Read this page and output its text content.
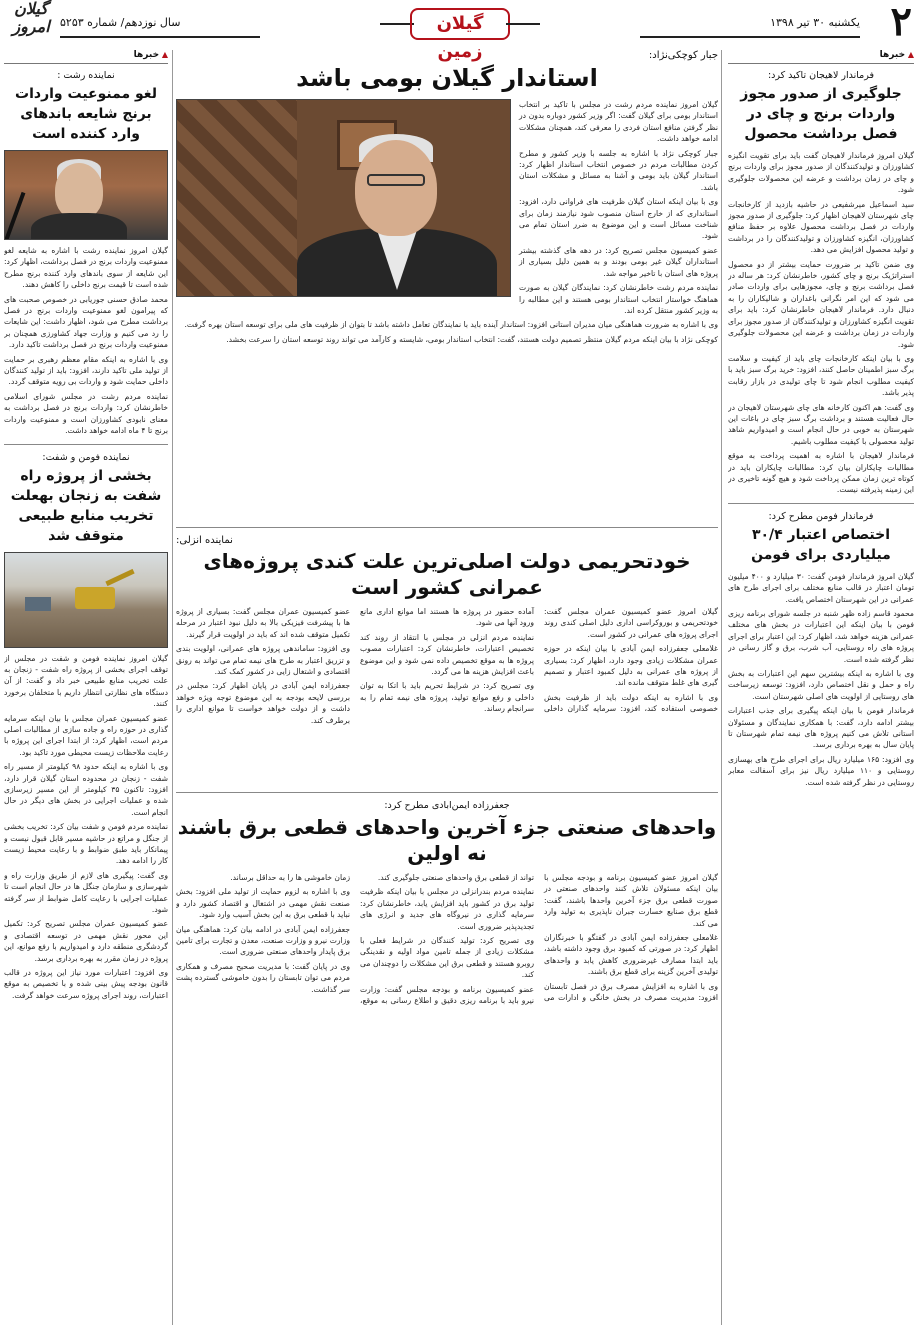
۲
یکشنبه ۳۰ تیر ۱۳۹۸
گیلان زمین
سال نوزدهم/ شماره ۵۲۵۳
گیلان امروز
▲ خبرها
فرماندار لاهیجان تاکید کرد:
جلوگیری از صدور مجوز واردات برنج و چای در فصل برداشت محصول

گیلان امروز فرماندار لاهیجان گفت باید برای تقویت انگیزه کشاورزان و تولیدکنندگان از صدور مجوز برای واردات برنج و چای در زمان برداشت و عرضه این محصولات جلوگیری شود.

سید اسماعیل میرشفیعی در حاشیه بازدید از کارخانجات چای شهرستان لاهیجان اظهار کرد: جلوگیری از صدور مجوز واردات در فصل برداشت محصول علاوه بر حفظ منافع کشاورزان، انگیزه کشاورزان و تولیدکنندگان را در برداشت و تولید محصول افزایش می دهد.

وی ضمن تاکید بر ضرورت حمایت بیشتر از دو محصول استراتژیک برنج و چای کشور، خاطرنشان کرد: هر ساله در فصل برداشت برنج و چای، مجوزهایی برای واردات صادر می شود که این امر نگرانی باغداران و شالیکاران را به دنبال دارد. فرماندار لاهیجان خاطرنشان کرد: باید برای تقویت انگیزه کشاورزان و تولیدکنندگان از صدور مجوز برای واردات در زمان برداشت و عرضه این محصولات جلوگیری شود.

وی با بیان اینکه کارخانجات چای باید از کیفیت و سلامت برگ سبز اطمینان حاصل کنند، افزود: خرید برگ سبز باید با کیفیت مطلوب انجام شود تا چای تولیدی در بازار رقابت پذیر باشد.

وی گفت: هم اکنون کارخانه های چای شهرستان لاهیجان در حال فعالیت هستند و برداشت برگ سبز چای در باغات این شهرستان به خوبی در حال انجام است و امیدواریم شاهد تولید محصولی با کیفیت مطلوب باشیم.

فرماندار لاهیجان با اشاره به اهمیت پرداخت به موقع مطالبات چایکاران بیان کرد: مطالبات چایکاران باید در کوتاه ترین زمان ممکن پرداخت شود و هیچ گونه تاخیری در این زمینه پذیرفته نیست.

فرماندار فومن مطرح کرد:
اختصاص اعتبار ۳۰/۴ میلیاردی برای فومن

گیلان امروز فرماندار فومن گفت: ۳۰ میلیارد و ۴۰۰ میلیون تومان اعتبار در قالب منابع مختلف برای اجرای طرح های عمرانی در این شهرستان اختصاص یافت.

محمود قاسم زاده ظهر شنبه در جلسه شورای برنامه ریزی فومن با بیان اینکه این اعتبارات در بخش های مختلف عمرانی هزینه خواهد شد، اظهار کرد: این اعتبار برای اجرای پروژه های راه روستایی، آب شرب، برق و گاز رسانی در نظر گرفته شده است.

وی با اشاره به اینکه بیشترین سهم این اعتبارات به بخش راه و حمل و نقل اختصاص دارد، افزود: توسعه زیرساخت های روستایی از اولویت های اصلی شهرستان است.

فرماندار فومن با بیان اینکه پیگیری برای جذب اعتبارات بیشتر ادامه دارد، گفت: با همکاری نمایندگان و مسئولان استانی تلاش می کنیم پروژه های نیمه تمام شهرستان تا پایان سال به بهره برداری برسد.

وی افزود: ۱۶۵ میلیارد ریال برای اجرای طرح های بهسازی روستایی و ۱۱۰ میلیارد ریال نیز برای آسفالت معابر روستایی در نظر گرفته شده است.

▲ خبرها
نماینده رشت :
لغو ممنوعیت واردات برنج شایعه باندهای وارد کننده است

گیلان امروز نماینده رشت با اشاره به شایعه لغو ممنوعیت واردات برنج در فصل برداشت، اظهار کرد: این شایعه از سوی باندهای وارد کننده برنج مطرح شده است تا قیمت برنج داخلی را کاهش دهند.

محمد صادق حسنی جوریابی در خصوص صحبت های که پیرامون لغو ممنوعیت واردات برنج در فصل برداشت مطرح می شود، اظهار داشت: این شایعات را رد می کنیم و وزارت جهاد کشاورزی همچنان بر ممنوعیت واردات برنج در فصل برداشت تاکید دارد.

وی با اشاره به اینکه مقام معظم رهبری بر حمایت از تولید ملی تاکید دارند، افزود: باید از تولید کنندگان داخلی حمایت شود و واردات بی رویه متوقف گردد.

نماینده مردم رشت در مجلس شورای اسلامی خاطرنشان کرد: واردات برنج در فصل برداشت به معنای نابودی کشاورزان است و ممنوعیت واردات برنج تا ۴ ماه ادامه خواهد داشت.

نماینده فومن و شفت:
بخشی از پروژه راه شفت به زنجان بهعلت تخریب منابع طبیعی متوقف شد

گیلان امروز نماینده فومن و شفت در مجلس از توقف اجرای بخشی از پروژه راه شفت - زنجان به علت تخریب منابع طبیعی خبر داد و گفت: از آن دستگاه های نظارتی انتظار داریم با متخلفان برخورد کنند.

عضو کمیسیون عمران مجلس با بیان اینکه سرمایه گذاری در حوزه راه و جاده سازی از مطالبات اصلی مردم است، اظهار کرد: از ابتدا اجرای این پروژه با رعایت ملاحظات زیست محیطی مورد تاکید بود.

وی با اشاره به اینکه حدود ۹۸ کیلومتر از مسیر راه شفت - زنجان در محدوده استان گیلان قرار دارد، افزود: تاکنون ۳۵ کیلومتر از این مسیر زیرسازی شده و عملیات اجرایی در بخش های دیگر در حال انجام است.

نماینده مردم فومن و شفت بیان کرد: تخریب بخشی از جنگل و مراتع در حاشیه مسیر قابل قبول نیست و پیمانکار باید طبق ضوابط و با رعایت محیط زیست کار را ادامه دهد.

وی گفت: پیگیری های لازم از طریق وزارت راه و شهرسازی و سازمان جنگل ها در حال انجام است تا عملیات اجرایی با رعایت کامل ضوابط از سر گرفته شود.

عضو کمیسیون عمران مجلس تصریح کرد: تکمیل این محور نقش مهمی در توسعه اقتصادی و گردشگری منطقه دارد و امیدواریم با رفع موانع، این پروژه در زمان مقرر به بهره برداری برسد.

وی افزود: اعتبارات مورد نیاز این پروژه در قالب قانون بودجه پیش بینی شده و با تخصیص به موقع اعتبارات، روند اجرای پروژه سرعت خواهد گرفت.

جبار کوچکی‌نژاد:
استاندار گیلان بومی باشد

گیلان امروز نماینده مردم رشت در مجلس با تاکید بر انتخاب استاندار بومی برای گیلان گفت: اگر وزیر کشور دوباره بدون در نظر گرفتن منافع استان فردی را معرفی کند، همچنان مشکلات ادامه خواهد داشت.

جبار کوچکی نژاد با اشاره به جلسه با وزیر کشور و مطرح کردن مطالبات مردم در خصوص انتخاب استاندار اظهار کرد: استاندار گیلان باید بومی و آشنا به مسائل و مشکلات استان باشد.

وی با بیان اینکه استان گیلان ظرفیت های فراوانی دارد، افزود: استانداری که از خارج استان منصوب شود نیازمند زمان برای شناخت مسائل است و این موضوع به ضرر استان تمام می شود.

عضو کمیسیون مجلس تصریح کرد: در دهه های گذشته بیشتر استانداران گیلان غیر بومی بودند و به همین دلیل بسیاری از پروژه های استان با تاخیر مواجه شد.

نماینده مردم رشت خاطرنشان کرد: نمایندگان گیلان به صورت هماهنگ خواستار انتخاب استاندار بومی هستند و این مطالبه را به وزیر کشور منتقل کرده اند.

وی با اشاره به ضرورت هماهنگی میان مدیران استانی افزود: استاندار آینده باید با نمایندگان تعامل داشته باشد تا بتوان از ظرفیت های ملی برای توسعه استان بهره گرفت.

کوچکی نژاد با بیان اینکه مردم گیلان منتظر تصمیم دولت هستند، گفت: انتخاب استاندار بومی، شایسته و کارآمد می تواند روند توسعه استان را سرعت بخشد.

نماینده انزلی:
خودتحریمی دولت اصلی‌ترین علت کندی پروژه‌های عمرانی کشور است

گیلان امروز عضو کمیسیون عمران مجلس گفت: خودتحریمی و بوروکراسی اداری دلیل اصلی کندی روند اجرای پروژه های عمرانی در کشور است.

غلامعلی جعفرزاده ایمن آبادی با بیان اینکه در حوزه عمران مشکلات زیادی وجود دارد، اظهار کرد: بسیاری از پروژه های عمرانی به دلیل کمبود اعتبار و تصمیم گیری های غلط متوقف مانده اند.

وی با اشاره به اینکه دولت باید از ظرفیت بخش خصوصی استفاده کند، افزود: سرمایه گذاران داخلی آماده حضور در پروژه ها هستند اما موانع اداری مانع ورود آنها می شود.

نماینده مردم انزلی در مجلس با انتقاد از روند کند تخصیص اعتبارات، خاطرنشان کرد: اعتبارات مصوب پروژه ها به موقع تخصیص داده نمی شود و این موضوع باعث افزایش هزینه ها می گردد.

وی تصریح کرد: در شرایط تحریم باید با اتکا به توان داخلی و رفع موانع تولید، پروژه های نیمه تمام را به سرانجام رساند.

عضو کمیسیون عمران مجلس گفت: بسیاری از پروژه ها با پیشرفت فیزیکی بالا به دلیل نبود اعتبار در مرحله تکمیل متوقف شده اند که باید در اولویت قرار گیرند.

وی افزود: ساماندهی پروژه های عمرانی، اولویت بندی و تزریق اعتبار به طرح های نیمه تمام می تواند به رونق اقتصادی و اشتغال زایی در کشور کمک کند.

جعفرزاده ایمن آبادی در پایان اظهار کرد: مجلس در بررسی لایحه بودجه به این موضوع توجه ویژه خواهد داشت و از دولت خواهد خواست تا موانع اداری را برطرف کند.

جعفرزاده ایمن‌آبادی مطرح کرد:
واحدهای صنعتی جزء آخرین واحدهای قطعی برق باشند نه اولین

گیلان امروز عضو کمیسیون برنامه و بودجه مجلس با بیان اینکه مسئولان تلاش کنند واحدهای صنعتی در صورت قطعی برق جزء آخرین واحدها باشند، گفت: قطع برق صنایع خسارت جبران ناپذیری به تولید وارد می کند.

غلامعلی جعفرزاده ایمن آبادی در گفتگو با خبرنگاران اظهار کرد: در صورتی که کمبود برق وجود داشته باشد، باید ابتدا مصارف غیرضروری کاهش یابد و واحدهای تولیدی آخرین گزینه برای قطع برق باشند.

وی با اشاره به افزایش مصرف برق در فصل تابستان افزود: مدیریت مصرف در بخش خانگی و ادارات می تواند از قطعی برق واحدهای صنعتی جلوگیری کند.

نماینده مردم بندرانزلی در مجلس با بیان اینکه ظرفیت تولید برق در کشور باید افزایش یابد، خاطرنشان کرد: سرمایه گذاری در نیروگاه های جدید و انرژی های تجدیدپذیر ضروری است.

وی تصریح کرد: تولید کنندگان در شرایط فعلی با مشکلات زیادی از جمله تامین مواد اولیه و نقدینگی روبرو هستند و قطعی برق این مشکلات را دوچندان می کند.

عضو کمیسیون برنامه و بودجه مجلس گفت: وزارت نیرو باید با برنامه ریزی دقیق و اطلاع رسانی به موقع، زمان خاموشی ها را به حداقل برساند.

وی با اشاره به لزوم حمایت از تولید ملی افزود: بخش صنعت نقش مهمی در اشتغال و اقتصاد کشور دارد و نباید با قطعی برق به این بخش آسیب وارد شود.

جعفرزاده ایمن آبادی در ادامه بیان کرد: هماهنگی میان وزارت نیرو و وزارت صنعت، معدن و تجارت برای تامین برق پایدار واحدهای صنعتی ضروری است.

وی در پایان گفت: با مدیریت صحیح مصرف و همکاری مردم می توان تابستان را بدون خاموشی گسترده پشت سر گذاشت.
